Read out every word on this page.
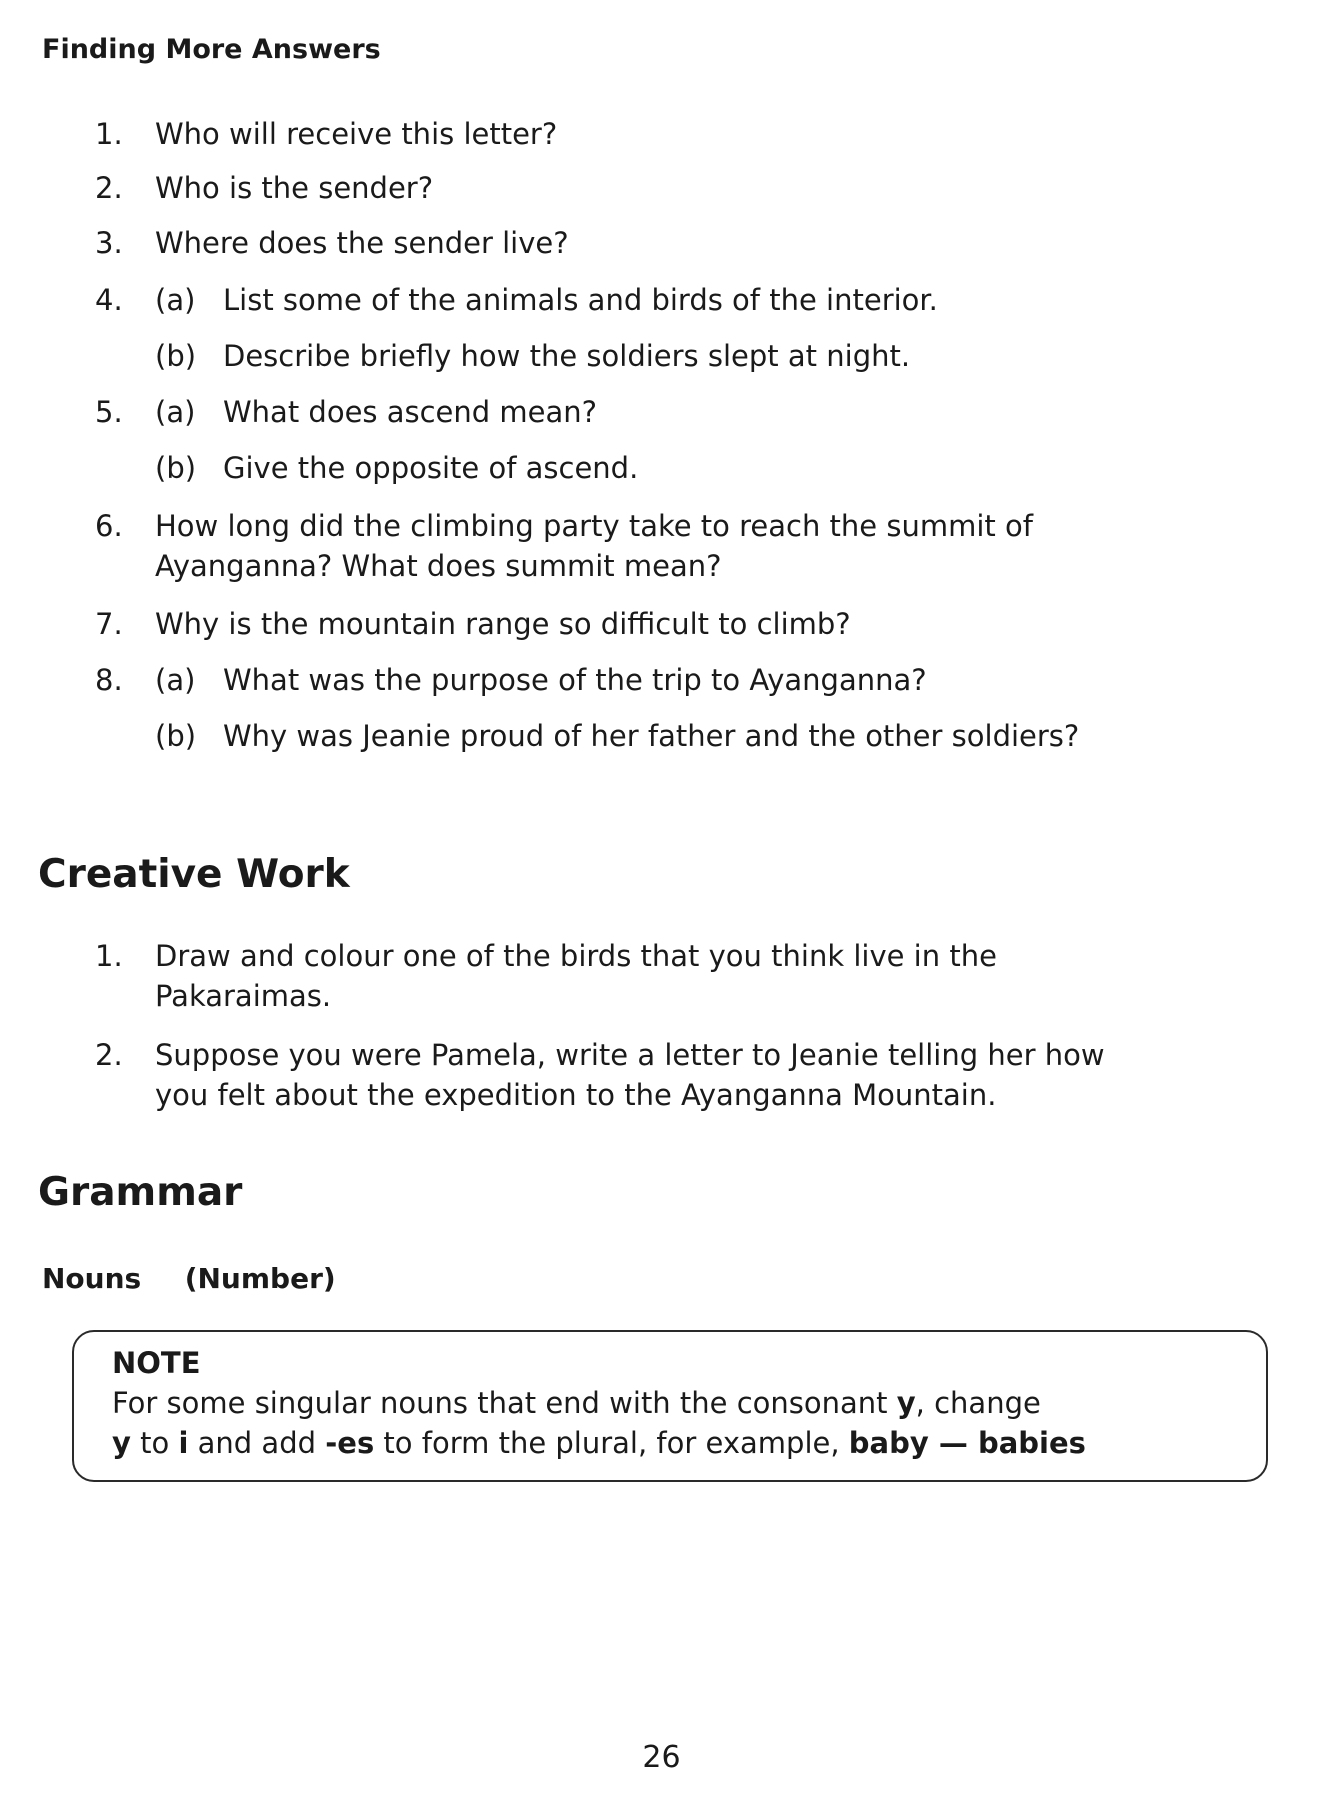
Finding More Answers
1.	Who will receive this letter?
2.	Who is the sender?
3.	Where does the sender live?
4.	(a) List some of the animals and birds of the interior.
(b) Describe briefly how the soldiers slept at night.
5.	(a) What does ascend mean?
(b) Give the opposite of ascend.
6.	How long did the climbing party take to reach the summit of
Ayanganna? What does summit mean?
7.	Why is the mountain range so difficult to climb?
8.	(a) What was the purpose of the trip to Ayanganna?
(b) Why was Jeanie proud of her father and the other soldiers?
Creative Work
1.	Draw and colour one of the birds that you think live in the
Pakaraimas.
2.	Suppose you were Pamela, write a letter to Jeanie telling her how
you felt about the expedition to the Ayanganna Mountain.
Grammar
Nouns (Number)
NOTE
For some singular nouns that end with the consonant y, change
y to i and add -es to form the plural, for example, baby — babies
26
